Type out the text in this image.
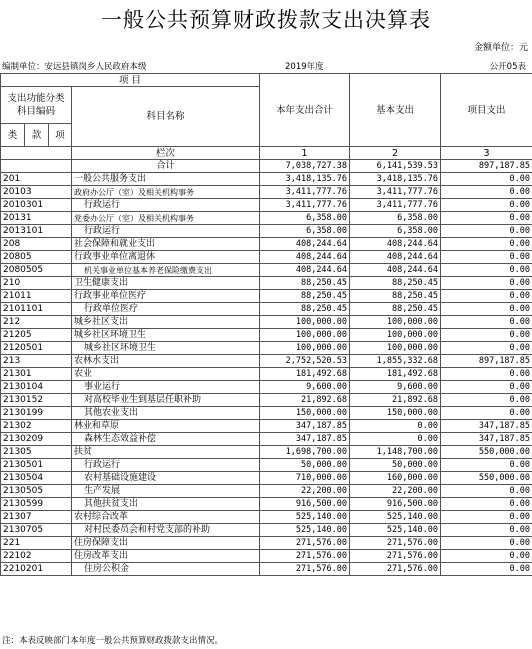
一般公共预算财政拨款支出决算表
金额单位：元
编制单位：安远县镇岗乡人民政府本级	2019年度	公开05表
项 目				本年支出合计	基本支出	项目支出
支出功能分类科目编码			科目名称			
类	款	项				
			栏次	1	2	3
			合计	7,038,727.38	6,141,539.53	897,187.85
201			一般公共服务支出	3,418,135.76	3,418,135.76	0.00
20103			政府办公厅（室）及相关机构事务	3,411,777.76	3,411,777.76	0.00
2010301			行政运行	3,411,777.76	3,411,777.76	0.00
20131			党委办公厅（室）及相关机构事务	6,358.00	6,358.00	0.00
2013101			行政运行	6,358.00	6,358.00	0.00
208			社会保障和就业支出	408,244.64	408,244.64	0.00
20805			行政事业单位离退休	408,244.64	408,244.64	0.00
2080505			机关事业单位基本养老保险缴费支出	408,244.64	408,244.64	0.00
210			卫生健康支出	88,250.45	88,250.45	0.00
21011			行政事业单位医疗	88,250.45	88,250.45	0.00
2101101			行政单位医疗	88,250.45	88,250.45	0.00
212			城乡社区支出	100,000.00	100,000.00	0.00
21205			城乡社区环境卫生	100,000.00	100,000.00	0.00
2120501			城乡社区环境卫生	100,000.00	100,000.00	0.00
213			农林水支出	2,752,520.53	1,855,332.68	897,187.85
21301			农业	181,492.68	181,492.68	0.00
2130104			事业运行	9,600.00	9,600.00	0.00
2130152			对高校毕业生到基层任职补助	21,892.68	21,892.68	0.00
2130199			其他农业支出	150,000.00	150,000.00	0.00
21302			林业和草原	347,187.85	0.00	347,187.85
2130209			森林生态效益补偿	347,187.85	0.00	347,187.85
21305			扶贫	1,698,700.00	1,148,700.00	550,000.00
2130501			行政运行	50,000.00	50,000.00	0.00
2130504			农村基础设施建设	710,000.00	160,000.00	550,000.00
2130505			生产发展	22,200.00	22,200.00	0.00
2130599			其他扶贫支出	916,500.00	916,500.00	0.00
21307			农村综合改革	525,140.00	525,140.00	0.00
2130705			对村民委员会和村党支部的补助	525,140.00	525,140.00	0.00
221			住房保障支出	271,576.00	271,576.00	0.00
22102			住房改革支出	271,576.00	271,576.00	0.00
2210201			住房公积金	271,576.00	271,576.00	0.00
注：本表反映部门本年度一般公共预算财政拨款支出情况。
